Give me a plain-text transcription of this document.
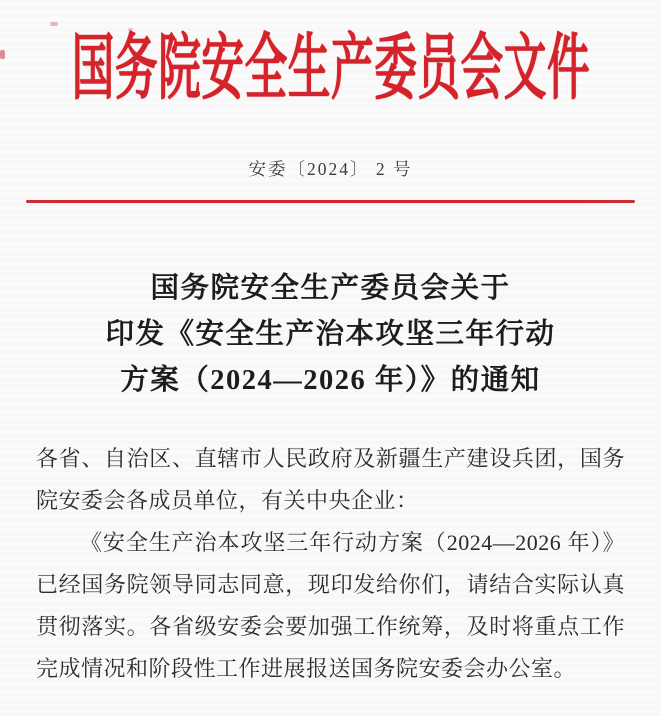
国务院安全生产委员会文件
安委〔2024〕 2 号
国务院安全生产委员会关于
印发《安全生产治本攻坚三年行动
方案（2024—2026 年）》的通知

各省、自治区、直辖市人民政府及新疆生产建设兵团，国务院安委会各成员单位，有关中央企业：

《安全生产治本攻坚三年行动方案（2024—2026 年）》已经国务院领导同志同意，现印发给你们，请结合实际认真贯彻落实。各省级安委会要加强工作统筹，及时将重点工作完成情况和阶段性工作进展报送国务院安委会办公室。
